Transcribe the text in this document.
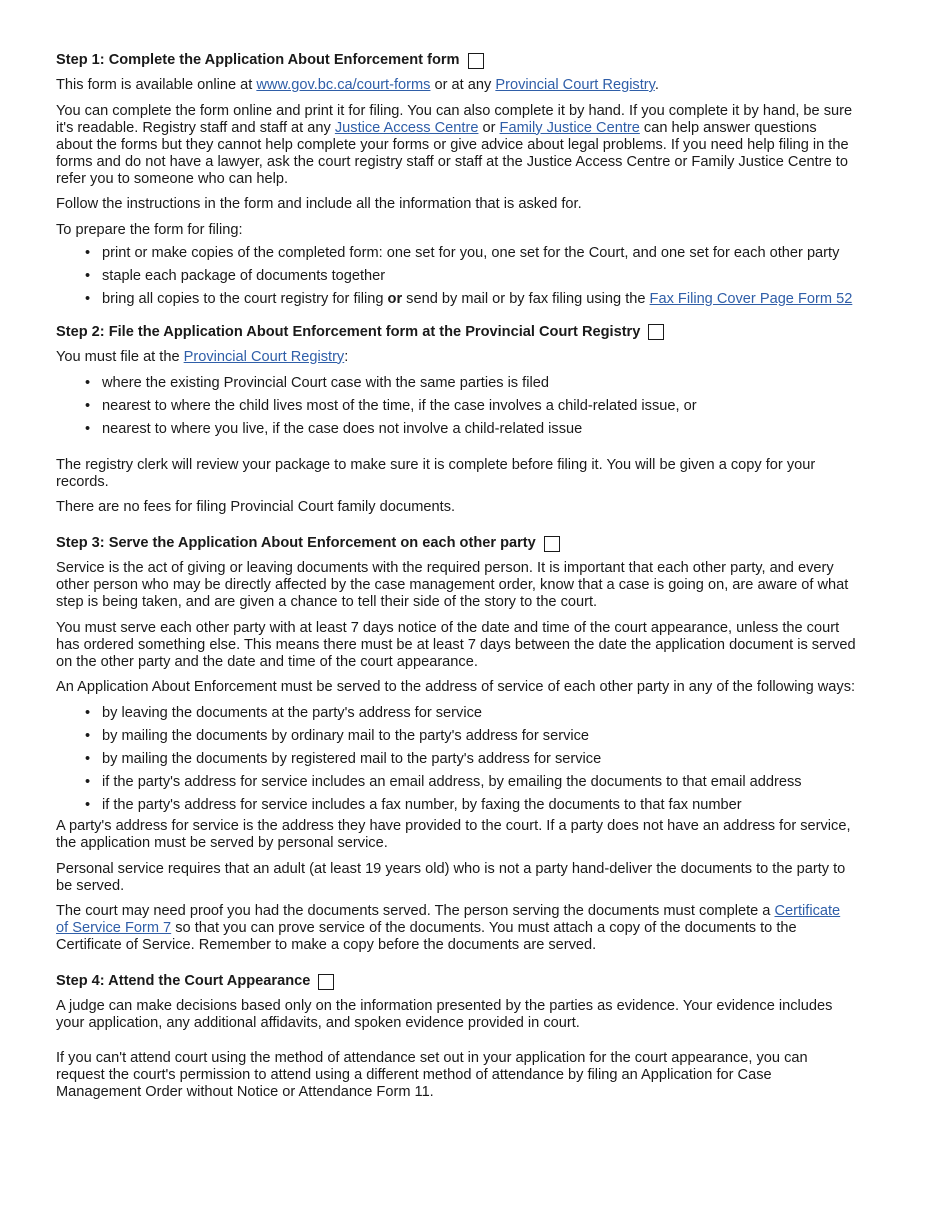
Step 1: Complete the Application About Enforcement form

This form is available online at www.gov.bc.ca/court-forms or at any Provincial Court Registry.

You can complete the form online and print it for filing. You can also complete it by hand. If you complete it by hand, be sure it's readable. Registry staff and staff at any Justice Access Centre or Family Justice Centre can help answer questions about the forms but they cannot help complete your forms or give advice about legal problems. If you need help filing in the forms and do not have a lawyer, ask the court registry staff or staff at the Justice Access Centre or Family Justice Centre to refer you to someone who can help.

Follow the instructions in the form and include all the information that is asked for.

To prepare the form for filing:

• print or make copies of the completed form: one set for you, one set for the Court, and one set for each other party
• staple each package of documents together
• bring all copies to the court registry for filing or send by mail or by fax filing using the Fax Filing Cover Page Form 52
Step 2: File the Application About Enforcement form at the Provincial Court Registry

You must file at the Provincial Court Registry:

• where the existing Provincial Court case with the same parties is filed
• nearest to where the child lives most of the time, if the case involves a child-related issue, or
• nearest to where you live, if the case does not involve a child-related issue

The registry clerk will review your package to make sure it is complete before filing it. You will be given a copy for your records.

There are no fees for filing Provincial Court family documents.

Step 3: Serve the Application About Enforcement on each other party

Service is the act of giving or leaving documents with the required person. It is important that each other party, and every other person who may be directly affected by the case management order, know that a case is going on, are aware of what step is being taken, and are given a chance to tell their side of the story to the court.

You must serve each other party with at least 7 days notice of the date and time of the court appearance, unless the court has ordered something else. This means there must be at least 7 days between the date the application document is served on the other party and the date and time of the court appearance.

An Application About Enforcement must be served to the address of service of each other party in any of the following ways:

• by leaving the documents at the party's address for service
• by mailing the documents by ordinary mail to the party's address for service
• by mailing the documents by registered mail to the party's address for service
• if the party's address for service includes an email address, by emailing the documents to that email address
• if the party's address for service includes a fax number, by faxing the documents to that fax number

A party's address for service is the address they have provided to the court. If a party does not have an address for service, the application must be served by personal service.

Personal service requires that an adult (at least 19 years old) who is not a party hand-deliver the documents to the party to be served.

The court may need proof you had the documents served. The person serving the documents must complete a Certificate of Service Form 7 so that you can prove service of the documents. You must attach a copy of the documents to the Certificate of Service. Remember to make a copy before the documents are served.

Step 4: Attend the Court Appearance

A judge can make decisions based only on the information presented by the parties as evidence. Your evidence includes your application, any additional affidavits, and spoken evidence provided in court.

If you can't attend court using the method of attendance set out in your application for the court appearance, you can request the court's permission to attend using a different method of attendance by filing an Application for Case Management Order without Notice or Attendance Form 11.
